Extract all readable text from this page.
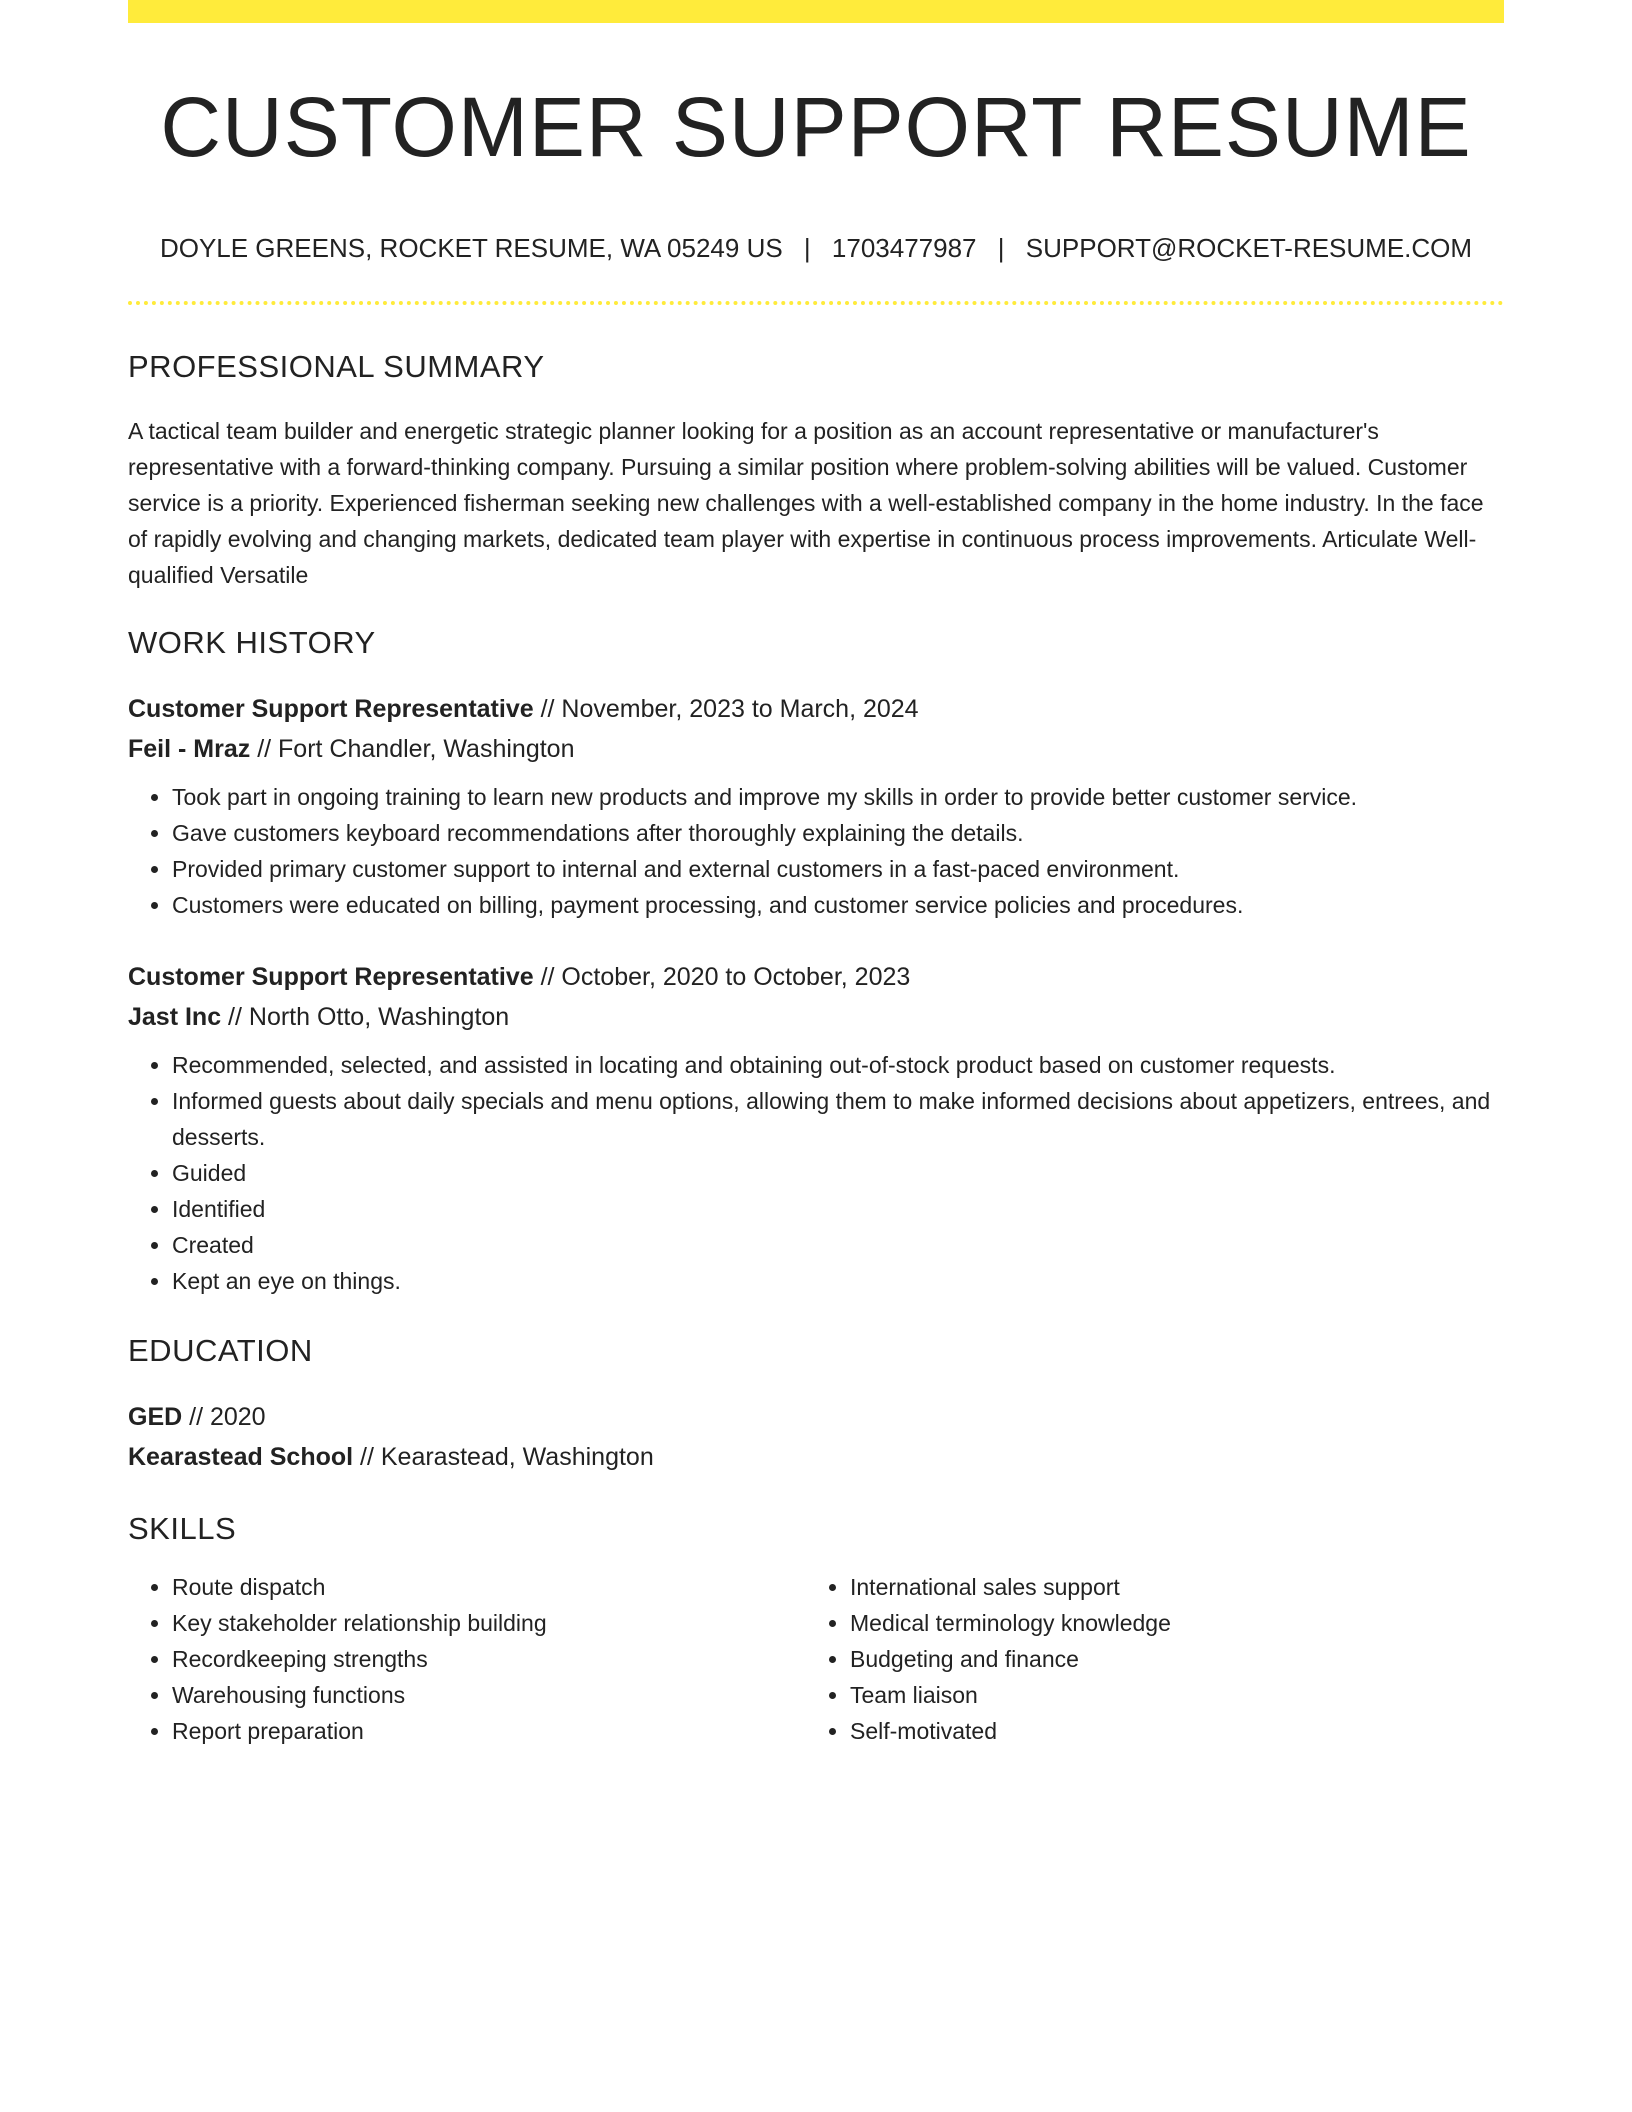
CUSTOMER SUPPORT RESUME
DOYLE GREENS, ROCKET RESUME, WA 05249 US | 1703477987 | SUPPORT@ROCKET-RESUME.COM
PROFESSIONAL SUMMARY

A tactical team builder and energetic strategic planner looking for a position as an account representative or manufacturer's representative with a forward-thinking company. Pursuing a similar position where problem-solving abilities will be valued. Customer service is a priority. Experienced fisherman seeking new challenges with a well-established company in the home industry. In the face of rapidly evolving and changing markets, dedicated team player with expertise in continuous process improvements. Articulate Well-qualified Versatile

WORK HISTORY
Customer Support Representative // November, 2023 to March, 2024
Feil - Mraz // Fort Chandler, Washington
• Took part in ongoing training to learn new products and improve my skills in order to provide better customer service.
• Gave customers keyboard recommendations after thoroughly explaining the details.
• Provided primary customer support to internal and external customers in a fast-paced environment.
• Customers were educated on billing, payment processing, and customer service policies and procedures.
Customer Support Representative // October, 2020 to October, 2023
Jast Inc // North Otto, Washington
• Recommended, selected, and assisted in locating and obtaining out-of-stock product based on customer requests.
• Informed guests about daily specials and menu options, allowing them to make informed decisions about appetizers, entrees, and desserts.
• Guided
• Identified
• Created
• Kept an eye on things.
EDUCATION
GED // 2020
Kearastead School // Kearastead, Washington
SKILLS
• Route dispatch
• Key stakeholder relationship building
• Recordkeeping strengths
• Warehousing functions
• Report preparation
• International sales support
• Medical terminology knowledge
• Budgeting and finance
• Team liaison
• Self-motivated
